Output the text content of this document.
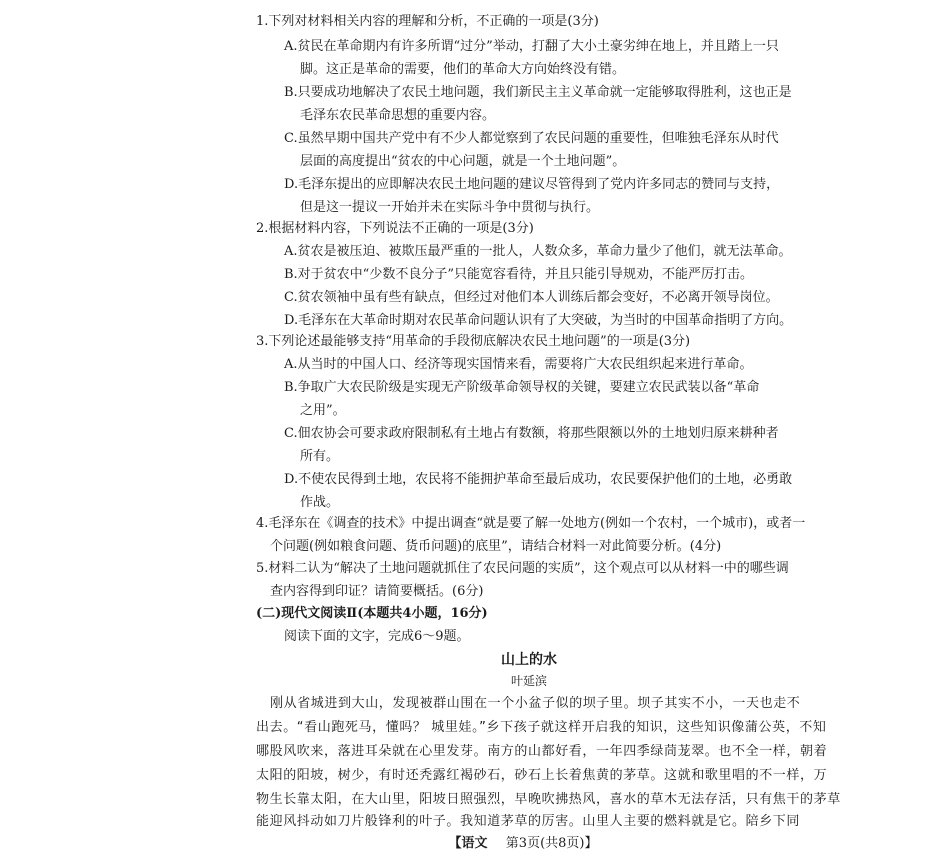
1.下列对材料相关内容的理解和分析，不正确的一项是(3分)
A.贫民在革命期内有许多所谓“过分”举动，打翻了大小土豪劣绅在地上，并且踏上一只
脚。这正是革命的需要，他们的革命大方向始终没有错。
B.只要成功地解决了农民土地问题，我们新民主主义革命就一定能够取得胜利，这也正是
毛泽东农民革命思想的重要内容。
C.虽然早期中国共产党中有不少人都觉察到了农民问题的重要性，但唯独毛泽东从时代
层面的高度提出“贫农的中心问题，就是一个土地问题”。
D.毛泽东提出的应即解决农民土地问题的建议尽管得到了党内许多同志的赞同与支持，
但是这一提议一开始并未在实际斗争中贯彻与执行。
2.根据材料内容，下列说法不正确的一项是(3分)
A.贫农是被压迫、被欺压最严重的一批人，人数众多，革命力量少了他们，就无法革命。
B.对于贫农中“少数不良分子”只能宽容看待，并且只能引导规劝，不能严厉打击。
C.贫农领袖中虽有些有缺点，但经过对他们本人训练后都会变好，不必离开领导岗位。
D.毛泽东在大革命时期对农民革命问题认识有了大突破，为当时的中国革命指明了方向。
3.下列论述最能够支持“用革命的手段彻底解决农民土地问题”的一项是(3分)
A.从当时的中国人口、经济等现实国情来看，需要将广大农民组织起来进行革命。
B.争取广大农民阶级是实现无产阶级革命领导权的关键，要建立农民武装以备“革命
之用”。
C.佃农协会可要求政府限制私有土地占有数额，将那些限额以外的土地划归原来耕种者
所有。
D.不使农民得到土地，农民将不能拥护革命至最后成功，农民要保护他们的土地，必勇敢
作战。
4.毛泽东在《调查的技术》中提出调查“就是要了解一处地方(例如一个农村，一个城市)，或者一
个问题(例如粮食问题、货币问题)的底里”，请结合材料一对此简要分析。(4分)
5.材料二认为“解决了土地问题就抓住了农民问题的实质”，这个观点可以从材料一中的哪些调
查内容得到印证？请简要概括。(6分)
(二)现代文阅读Ⅱ(本题共4小题，16分)
阅读下面的文字，完成6～9题。
山上的水
叶延滨
刚从省城进到大山，发现被群山围在一个小盆子似的坝子里。坝子其实不小，一天也走不
出去。“看山跑死马，懂吗？ 城里娃。”乡下孩子就这样开启我的知识，这些知识像蒲公英，不知
哪股风吹来，落进耳朵就在心里发芽。南方的山都好看，一年四季绿茼茏翠。也不全一样，朝着
太阳的阳坡，树少，有时还秃露红褐砂石，砂石上长着焦黄的茅草。这就和歌里唱的不一样，万
物生长靠太阳，在大山里，阳坡日照强烈，早晚吹拂热风，喜水的草木无法存活，只有焦干的茅草
能迎风抖动如刀片般锋利的叶子。我知道茅草的厉害。山里人主要的燃料就是它。陪乡下同
【语文 第3页(共8页)】
